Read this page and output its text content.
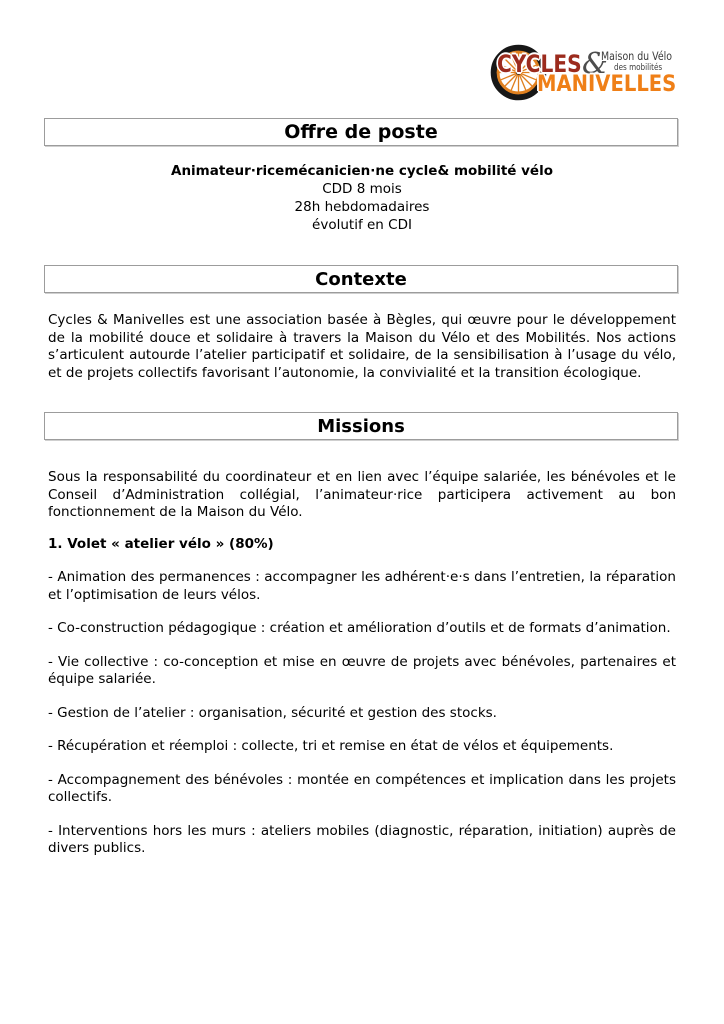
CYCLES &
Maison du Vélo
des mobilités
MANIVELLES
Offre de poste

Animateur·ricemécanicien·ne cycle& mobilité vélo

CDD 8 mois

28h hebdomadaires

évolutif en CDI

Contexte

Cycles & Manivelles est une association basée à Bègles, qui œuvre pour le développement de la mobilité douce et solidaire à travers la Maison du Vélo et des Mobilités. Nos actions s’articulent autourde l’atelier participatif et solidaire, de la sensibilisation à l’usage du vélo, et de projets collectifs favorisant l’autonomie, la convivialité et la transition écologique.

Missions

Sous la responsabilité du coordinateur et en lien avec l’équipe salariée, les bénévoles et le Conseil d’Administration collégial, l’animateur·rice participera activement au bon fonctionnement de la Maison du Vélo.

1. Volet « atelier vélo » (80%)

- Animation des permanences : accompagner les adhérent·e·s dans l’entretien, la réparation et l’optimisation de leurs vélos.

- Co-construction pédagogique : création et amélioration d’outils et de formats d’animation.

- Vie collective : co-conception et mise en œuvre de projets avec bénévoles, partenaires et équipe salariée.

- Gestion de l’atelier : organisation, sécurité et gestion des stocks.

- Récupération et réemploi : collecte, tri et remise en état de vélos et équipements.

- Accompagnement des bénévoles : montée en compétences et implication dans les projets collectifs.

- Interventions hors les murs : ateliers mobiles (diagnostic, réparation, initiation) auprès de divers publics.
